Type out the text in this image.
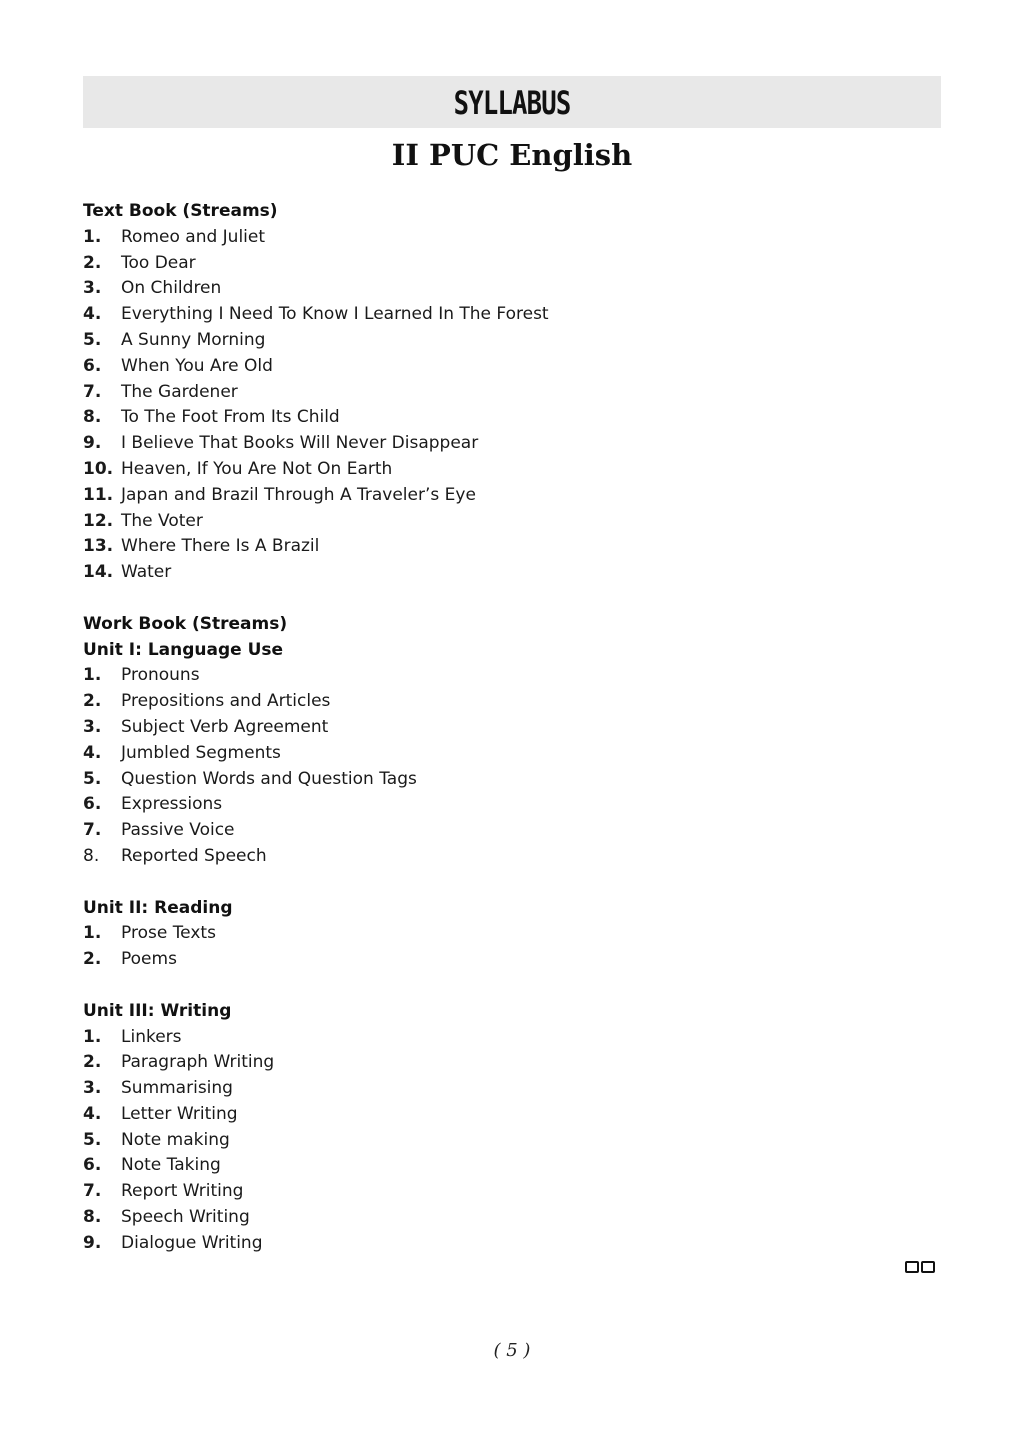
SYLLABUS
II PUC English
Text Book (Streams)
1.	Romeo and Juliet
2.	Too Dear
3.	On Children
4.	Everything I Need To Know I Learned In The Forest
5.	A Sunny Morning
6.	When You Are Old
7.	The Gardener
8.	To The Foot From Its Child
9.	I Believe That Books Will Never Disappear
10. Heaven, If You Are Not On Earth
11. Japan and Brazil Through A Traveler’s Eye
12. The Voter
13. Where There Is A Brazil
14. Water
Work Book (Streams)
Unit I: Language Use
1.	Pronouns
2.	Prepositions and Articles
3.	Subject Verb Agreement
4.	Jumbled Segments
5.	Question Words and Question Tags
6.	Expressions
7.	Passive Voice
8.	Reported Speech
Unit II: Reading
1.	Prose Texts
2.	Poems
Unit III: Writing
1.	Linkers
2.	Paragraph Writing
3.	Summarising
4.	Letter Writing
5.	Note making
6.	Note Taking
7.	Report Writing
8.	Speech Writing
9.	Dialogue Writing
( 5 )
